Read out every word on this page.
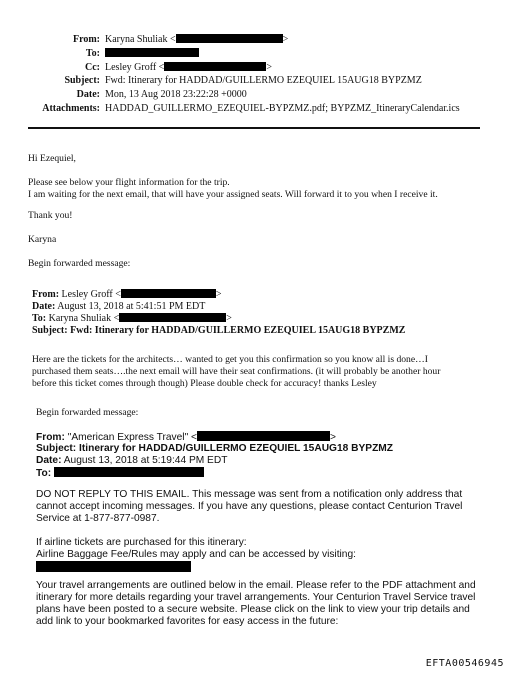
From: Karyna Shuliak <	>
To:
Cc: Lesley Groff <	>
Subject: Fwd: Itinerary for HADDAD/GUILLERMO EZEQUIEL 15AUG18 BYPZMZ
Date: Mon, 13 Aug 2018 23:22:28 +0000
Attachments: HADDAD_GUILLERMO_EZEQUIEL-BYPZMZ.pdf; BYPZMZ_ItineraryCalendar.ics
Hi Ezequiel,
Please see below your flight information for the trip.
I am waiting for the next email, that will have your assigned seats. Will forward it to you when I receive it.
Thank you!
Karyna
Begin forwarded message:
From: Lesley Groff <	>
Date: August 13, 2018 at 5:41:51 PM EDT
To: Karyna Shuliak <	>
Subject: Fwd: Itinerary for HADDAD/GUILLERMO EZEQUIEL 15AUG18 BYPZMZ
Here are the tickets for the architects… wanted to get you this confirmation so you know all is done…I
purchased them seats….the next email will have their seat confirmations. (it will probably be another hour
before this ticket comes through though) Please double check for accuracy! thanks Lesley
Begin forwarded message:
From: "American Express Travel" <	>
Subject: Itinerary for HADDAD/GUILLERMO EZEQUIEL 15AUG18 BYPZMZ
Date: August 13, 2018 at 5:19:44 PM EDT
To:
DO NOT REPLY TO THIS EMAIL. This message was sent from a notification only address that
cannot accept incoming messages. If you have any questions, please contact Centurion Travel
Service at 1-877-877-0987.
If airline tickets are purchased for this itinerary:
Airline Baggage Fee/Rules may apply and can be accessed by visiting:
Your travel arrangements are outlined below in the email. Please refer to the PDF attachment and
itinerary for more details regarding your travel arrangements. Your Centurion Travel Service travel
plans have been posted to a secure website. Please click on the link to view your trip details and
add link to your bookmarked favorites for easy access in the future:
EFTA00546945
